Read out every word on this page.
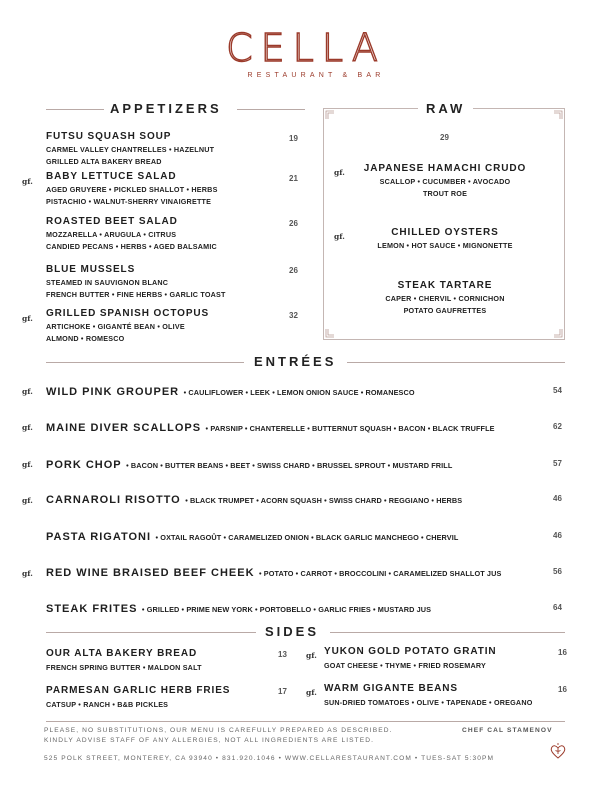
CELLA
RESTAURANT & BAR
APPETIZERS
FUTSU SQUASH SOUP
CARMEL VALLEY CHANTRELLES • HAZELNUT
GRILLED ALTA BAKERY BREAD
19
gf. BABY LETTUCE SALAD
AGED GRUYERE • PICKLED SHALLOT • HERBS
PISTACHIO • WALNUT-SHERRY VINAIGRETTE
21
ROASTED BEET SALAD
MOZZARELLA • ARUGULA • CITRUS
CANDIED PECANS • HERBS • AGED BALSAMIC
26
BLUE MUSSELS
STEAMED IN SAUVIGNON BLANC
FRENCH BUTTER • FINE HERBS • GARLIC TOAST
26
gf. GRILLED SPANISH OCTOPUS
ARTICHOKE • GIGANTÉ BEAN • OLIVE
ALMOND • ROMESCO
32
RAW
29
gf.	JAPANESE HAMACHI CRUDO
SCALLOP • CUCUMBER • AVOCADO
TROUT ROE
gf.	CHILLED OYSTERS
LEMON • HOT SAUCE • MIGNONETTE
STEAK TARTARE
CAPER • CHERVIL • CORNICHON
POTATO GAUFRETTES
ENTRÉES
gf. WILD PINK GROUPER • CAULIFLOWER • LEEK • LEMON ONION SAUCE • ROMANESCO	54
gf. MAINE DIVER SCALLOPS • PARSNIP • CHANTERELLE • BUTTERNUT SQUASH • BACON • BLACK TRUFFLE	62
gf. PORK CHOP • BACON • BUTTER BEANS • BEET • SWISS CHARD • BRUSSEL SPROUT • MUSTARD FRILL	57
gf. CARNAROLI RISOTTO • BLACK TRUMPET • ACORN SQUASH • SWISS CHARD • REGGIANO • HERBS	46
PASTA RIGATONI • OXTAIL RAGOÛT • CARAMELIZED ONION • BLACK GARLIC MANCHEGO • CHERVIL	46
gf. RED WINE BRAISED BEEF CHEEK • POTATO • CARROT • BROCCOLINI • CARAMELIZED SHALLOT JUS	56
STEAK FRITES • GRILLED • PRIME NEW YORK • PORTOBELLO • GARLIC FRIES • MUSTARD JUS	64
SIDES
OUR ALTA BAKERY BREAD
FRENCH SPRING BUTTER • MALDON SALT
13
PARMESAN GARLIC HERB FRIES
CATSUP • RANCH • B&B PICKLES
17
gf. YUKON GOLD POTATO GRATIN
GOAT CHEESE • THYME • FRIED ROSEMARY
16
gf. WARM GIGANTE BEANS
SUN-DRIED TOMATOES • OLIVE • TAPENADE • OREGANO
16
PLEASE, NO SUBSTITUTIONS, OUR MENU IS CAREFULLY PREPARED AS DESCRIBED.
KINDLY ADVISE STAFF OF ANY ALLERGIES, NOT ALL INGREDIENTS ARE LISTED.
CHEF CAL STAMENOV
525 POLK STREET, MONTEREY, CA 93940 • 831.920.1046 • WWW.CELLARESTAURANT.COM • TUES-SAT 5:30PM
